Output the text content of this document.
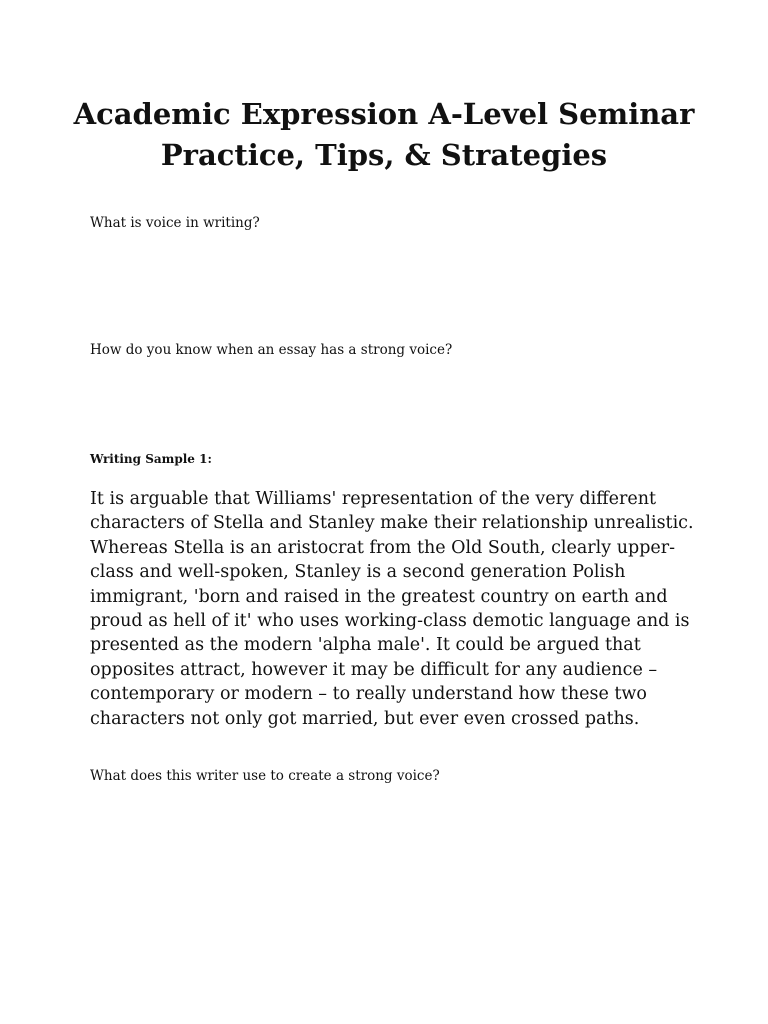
Academic Expression A-Level Seminar
Practice, Tips, & Strategies

What is voice in writing?

How do you know when an essay has a strong voice?

Writing Sample 1:

It is arguable that Williams' representation of the very different
characters of Stella and Stanley make their relationship unrealistic.
Whereas Stella is an aristocrat from the Old South, clearly upper-
class and well-spoken, Stanley is a second generation Polish
immigrant, 'born and raised in the greatest country on earth and
proud as hell of it' who uses working-class demotic language and is
presented as the modern 'alpha male'. It could be argued that
opposites attract, however it may be difficult for any audience –
contemporary or modern – to really understand how these two
characters not only got married, but ever even crossed paths.

What does this writer use to create a strong voice?
